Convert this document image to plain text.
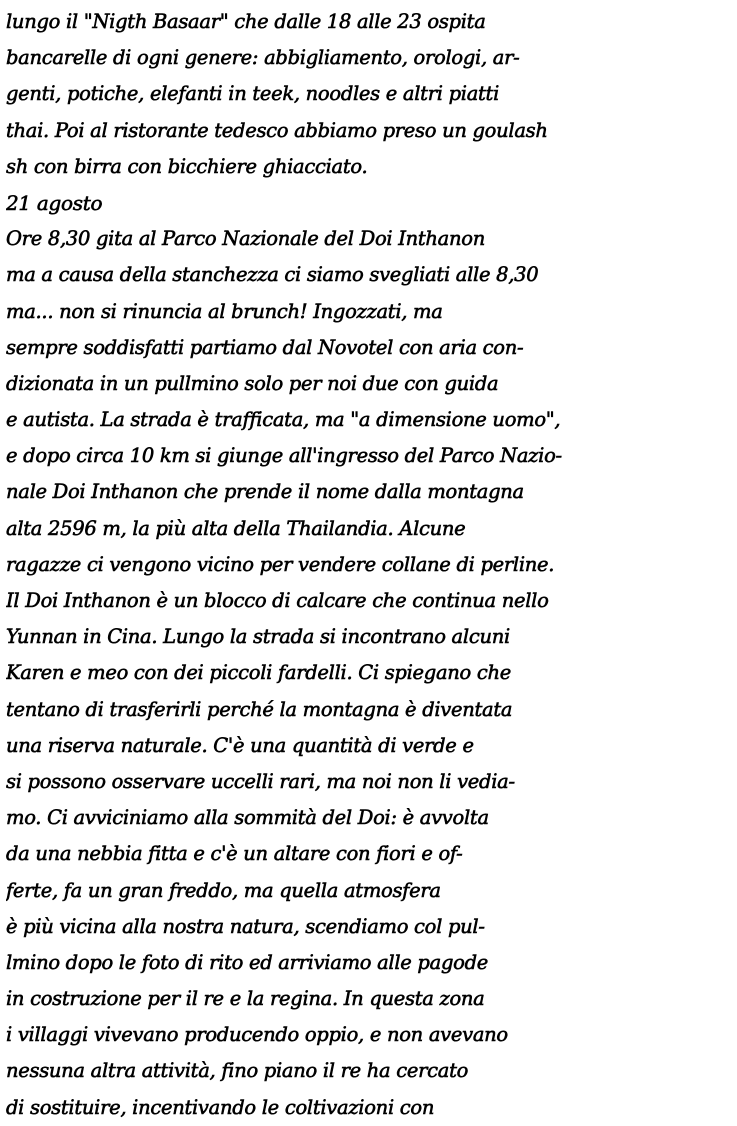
lungo il "Nigth Basaar" che dalle 18 alle 23 ospita
bancarelle di ogni genere: abbigliamento, orologi, ar-
genti, potiche, elefanti in teek, noodles e altri piatti
thai. Poi al ristorante tedesco abbiamo preso un goulash
sh con birra con bicchiere ghiacciato.
21 agosto
Ore 8,30 gita al Parco Nazionale del Doi Inthanon
ma a causa della stanchezza ci siamo svegliati alle 8,30
ma... non si rinuncia al brunch! Ingozzati, ma
sempre soddisfatti partiamo dal Novotel con aria con-
dizionata in un pullmino solo per noi due con guida
e autista. La strada è trafficata, ma "a dimensione uomo",
e dopo circa 10 km si giunge all'ingresso del Parco Nazio-
nale Doi Inthanon che prende il nome dalla montagna
alta 2596 m, la più alta della Thailandia. Alcune
ragazze ci vengono vicino per vendere collane di perline.
Il Doi Inthanon è un blocco di calcare che continua nello
Yunnan in Cina. Lungo la strada si incontrano alcuni
Karen e meo con dei piccoli fardelli. Ci spiegano che
tentano di trasferirli perché la montagna è diventata
una riserva naturale. C'è una quantità di verde e
si possono osservare uccelli rari, ma noi non li vedia-
mo. Ci avviciniamo alla sommità del Doi: è avvolta
da una nebbia fitta e c'è un altare con fiori e of-
ferte, fa un gran freddo, ma quella atmosfera
è più vicina alla nostra natura, scendiamo col pul-
lmino dopo le foto di rito ed arriviamo alle pagode
in costruzione per il re e la regina. In questa zona
i villaggi vivevano producendo oppio, e non avevano
nessuna altra attività, fino piano il re ha cercato
di sostituire, incentivando le coltivazioni con
